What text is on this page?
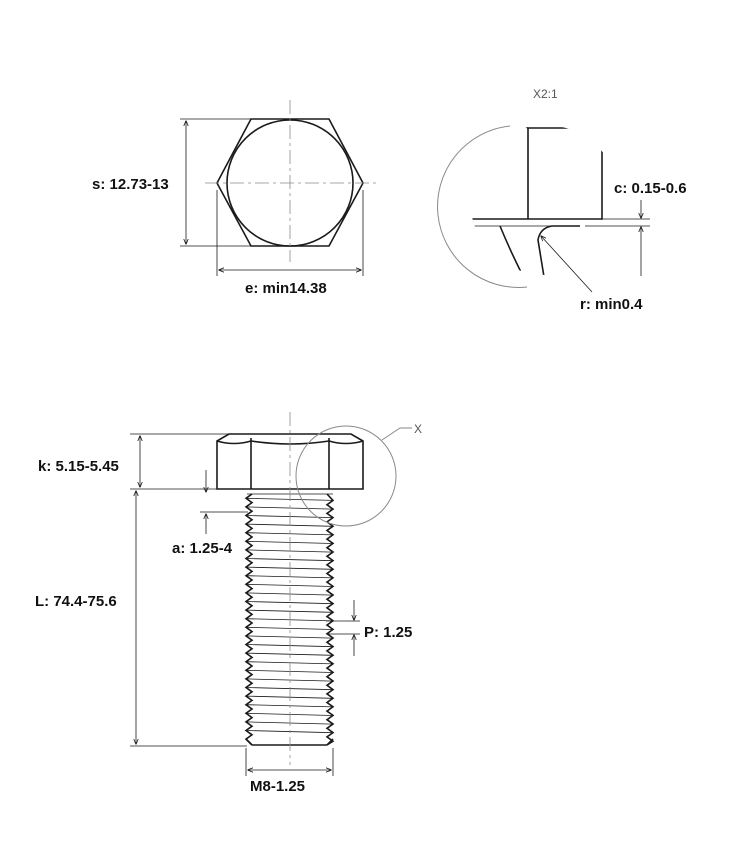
s: 12.73-13
e: min14.38
X2:1
c: 0.15-0.6
r: min0.4
X
k: 5.15-5.45
a: 1.25-4
L: 74.4-75.6
P: 1.25
M8-1.25
